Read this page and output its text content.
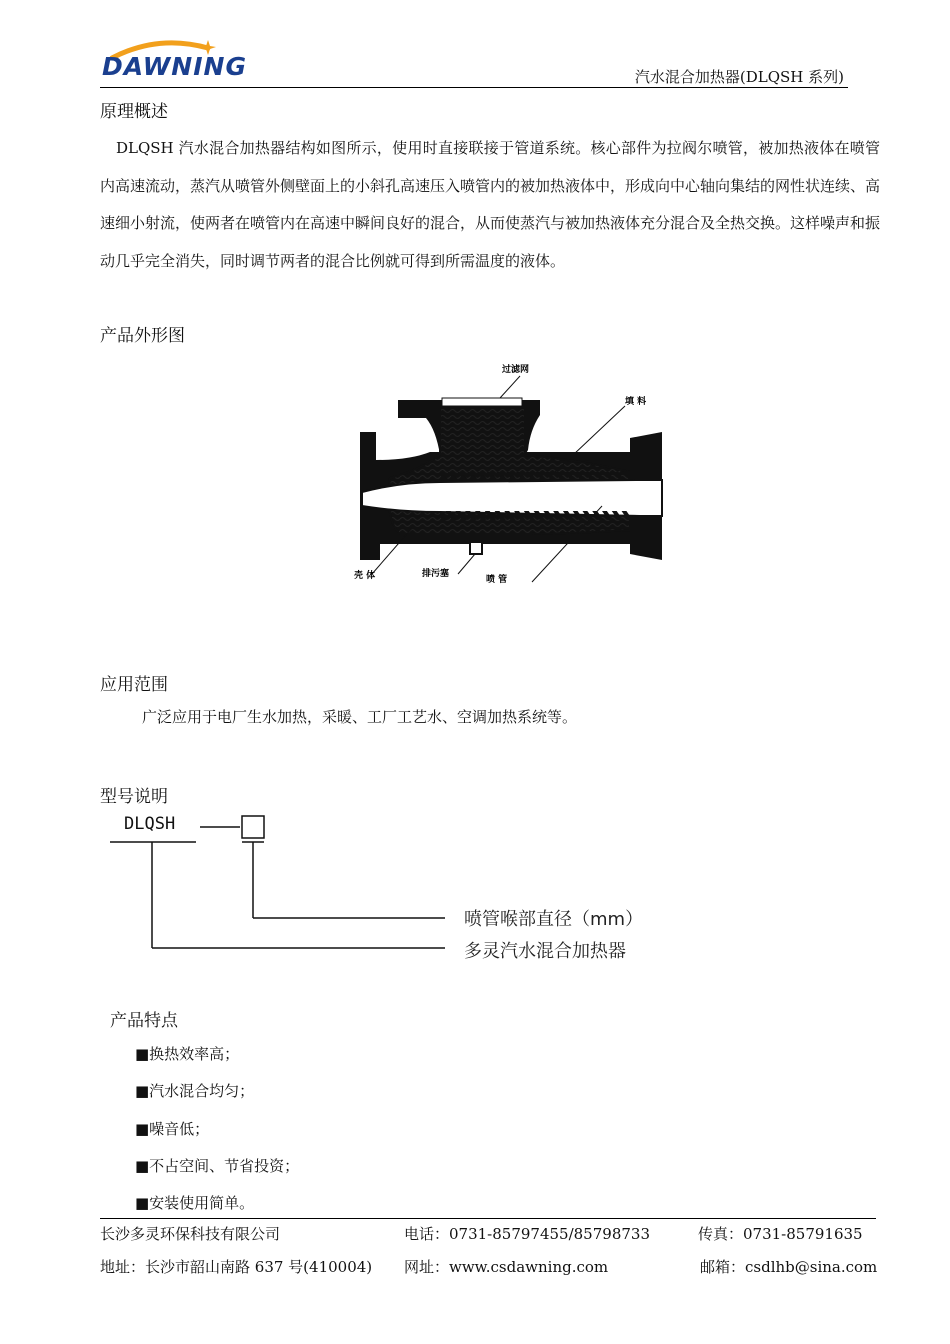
DAWNING	汽水混合加热器(DLQSH 系列)
原理概述
DLQSH 汽水混合加热器结构如图所示，使用时直接联接于管道系统。核心部件为拉阀尔喷管，被加热液体在喷管内高速流动，蒸汽从喷管外侧壁面上的小斜孔高速压入喷管内的被加热液体中，形成向中心轴向集结的网性状连续、高速细小射流，使两者在喷管内在高速中瞬间良好的混合，从而使蒸汽与被加热液体充分混合及全热交换。这样噪声和振动几乎完全消失，同时调节两者的混合比例就可得到所需温度的液体。
产品外形图
过滤网
填 料
壳 体	排污塞
喷 管
应用范围
广泛应用于电厂生水加热，采暖、工厂工艺水、空调加热系统等。
型号说明
DLQSH
喷管喉部直径（mm）
多灵汽水混合加热器
产品特点
■换热效率高；
■汽水混合均匀；
■噪音低；
■不占空间、节省投资；
■安装使用简单。
长沙多灵环保科技有限公司	电话：0731-85797455/85798733	传真：0731-85791635
地址：长沙市韶山南路 637 号(410004) 网址：www.csdawning.com	邮箱：csdlhb@sina.com
